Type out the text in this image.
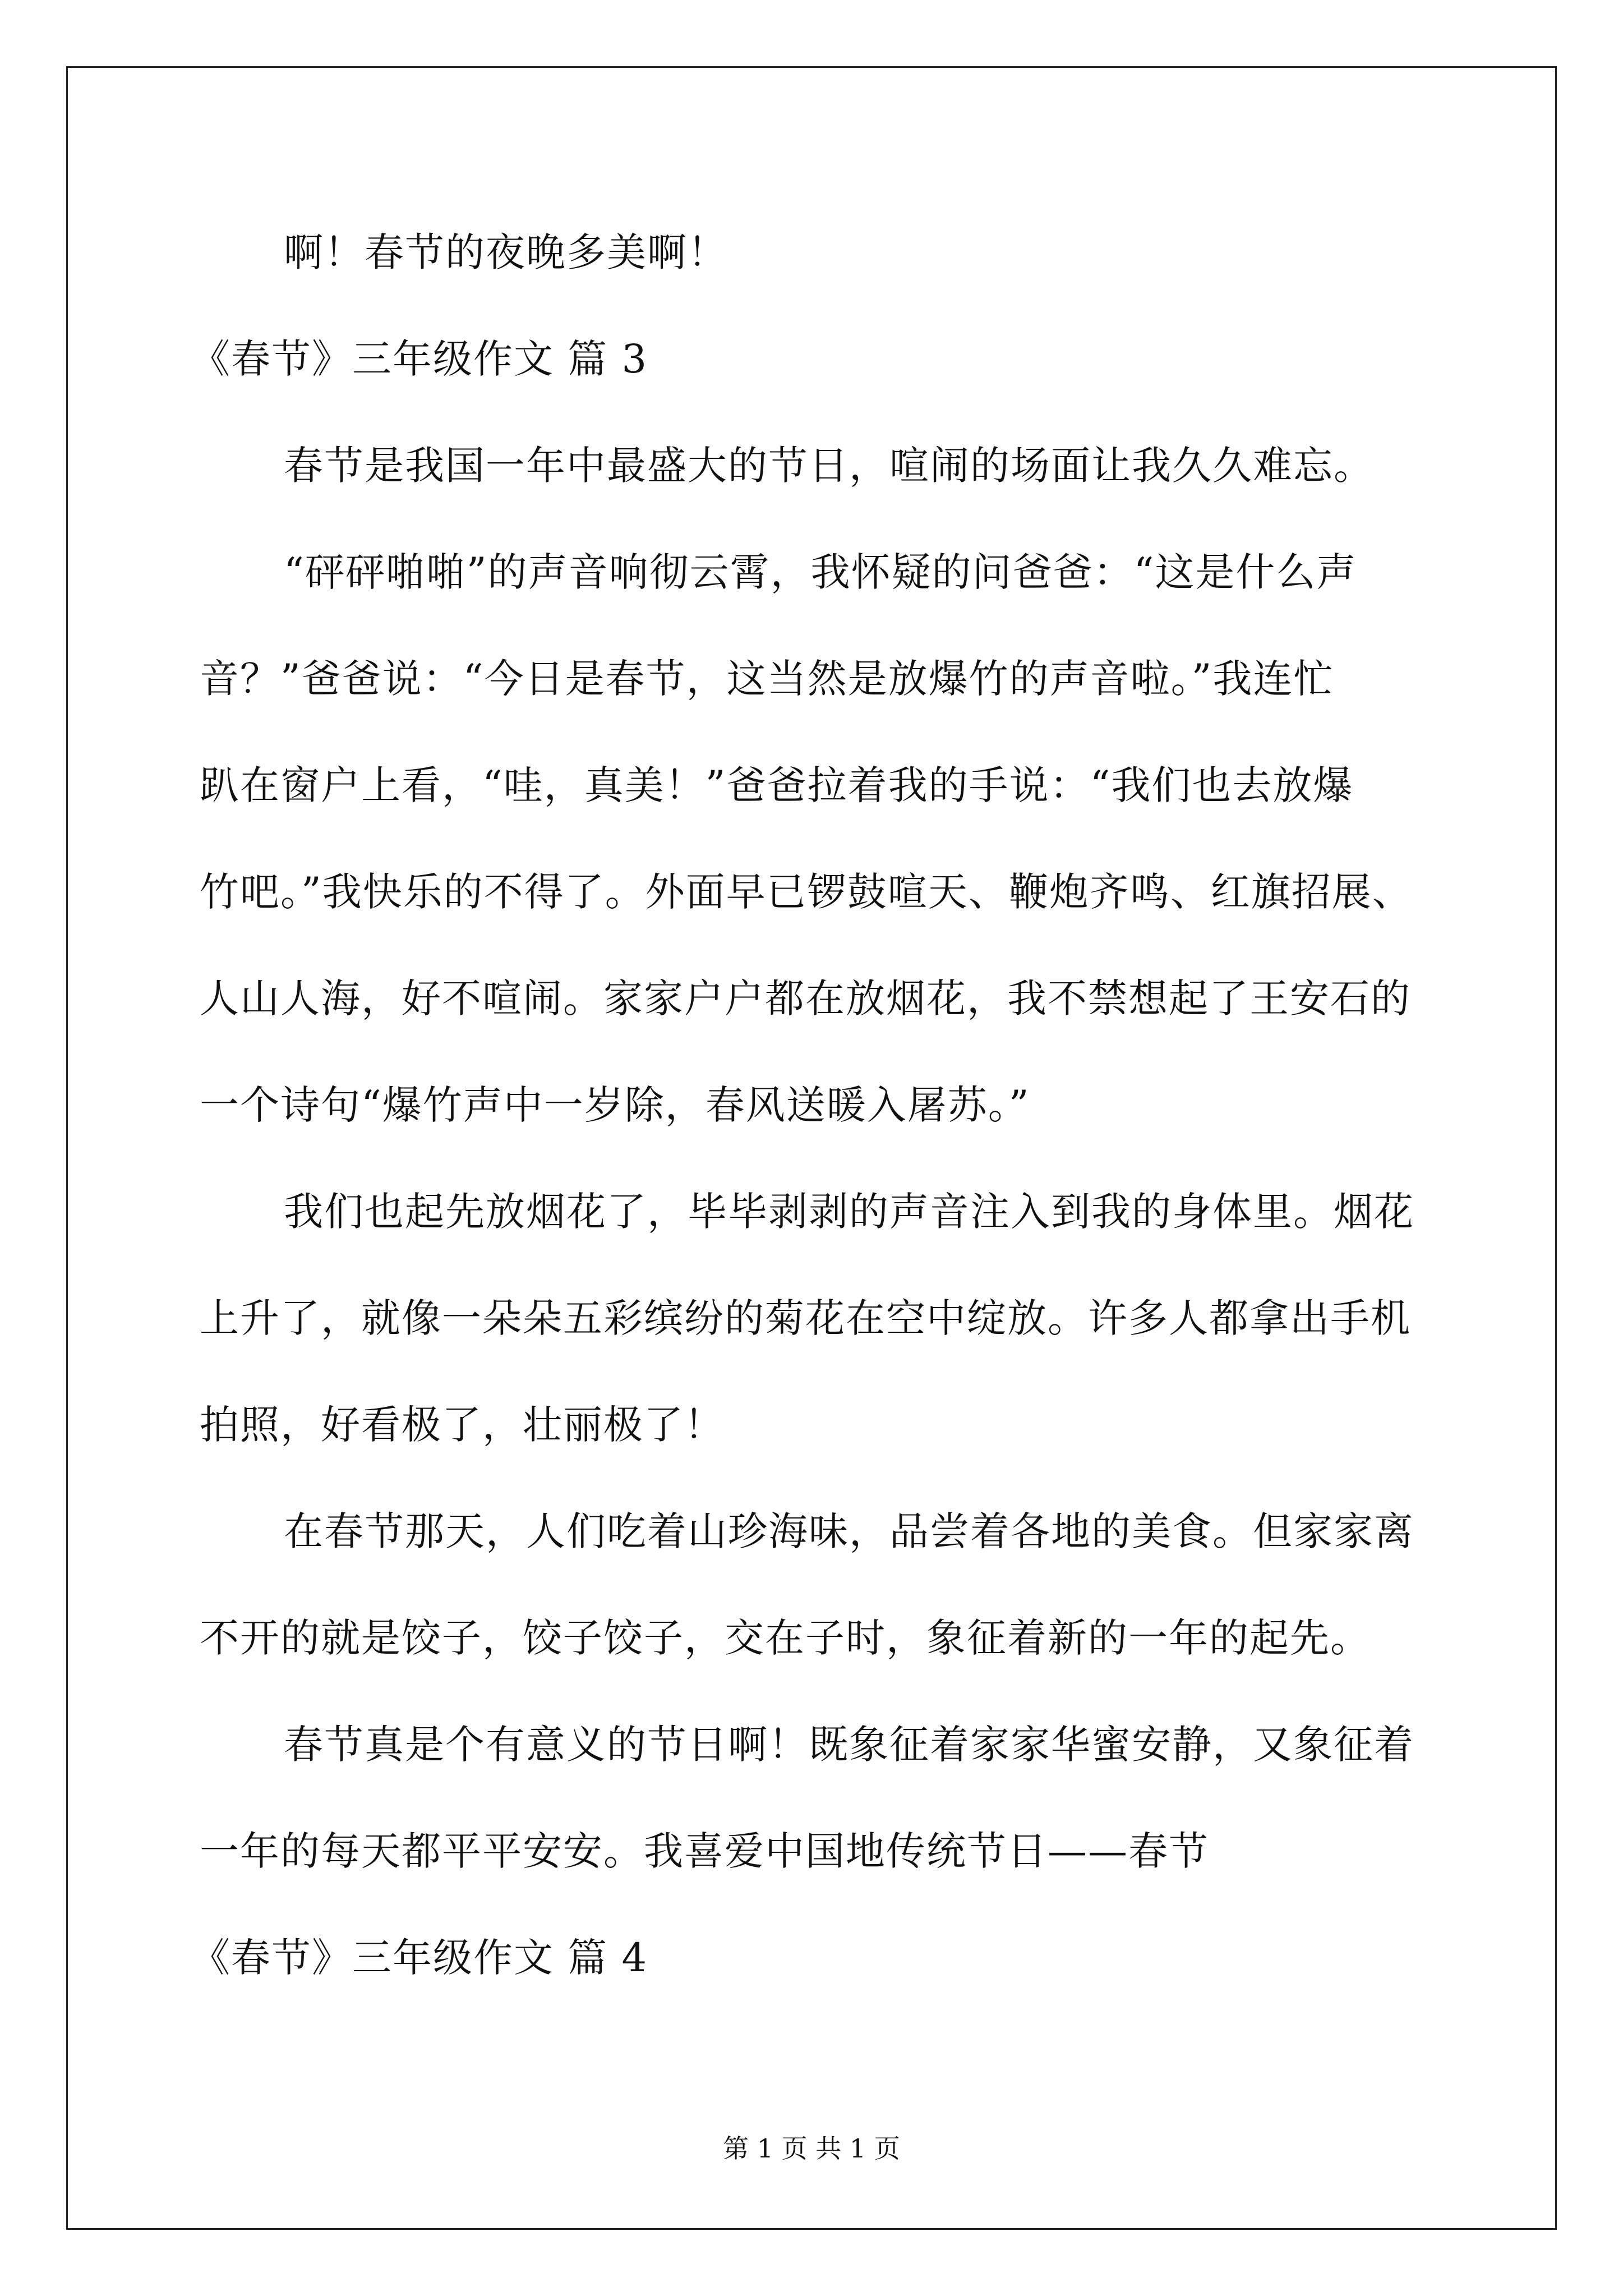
啊！春节的夜晚多美啊！
《春节》三年级作文 篇 3
春节是我国一年中最盛大的节日，喧闹的场面让我久久难忘。
“砰砰啪啪”的声音响彻云霄，我怀疑的问爸爸：“这是什么声
音？”爸爸说：“今日是春节，这当然是放爆竹的声音啦。”我连忙
趴在窗户上看，“哇，真美！”爸爸拉着我的手说：“我们也去放爆
竹吧。”我快乐的不得了。外面早已锣鼓喧天、鞭炮齐鸣、红旗招展、
人山人海，好不喧闹。家家户户都在放烟花，我不禁想起了王安石的
一个诗句“爆竹声中一岁除，春风送暖入屠苏。”
我们也起先放烟花了，毕毕剥剥的声音注入到我的身体里。烟花
上升了，就像一朵朵五彩缤纷的菊花在空中绽放。许多人都拿出手机
拍照，好看极了，壮丽极了！
在春节那天，人们吃着山珍海味，品尝着各地的美食。但家家离
不开的就是饺子，饺子饺子，交在子时，象征着新的一年的起先。
春节真是个有意义的节日啊！既象征着家家华蜜安静，又象征着
一年的每天都平平安安。我喜爱中国地传统节日——春节
《春节》三年级作文 篇 4
第 1 页 共 1 页
